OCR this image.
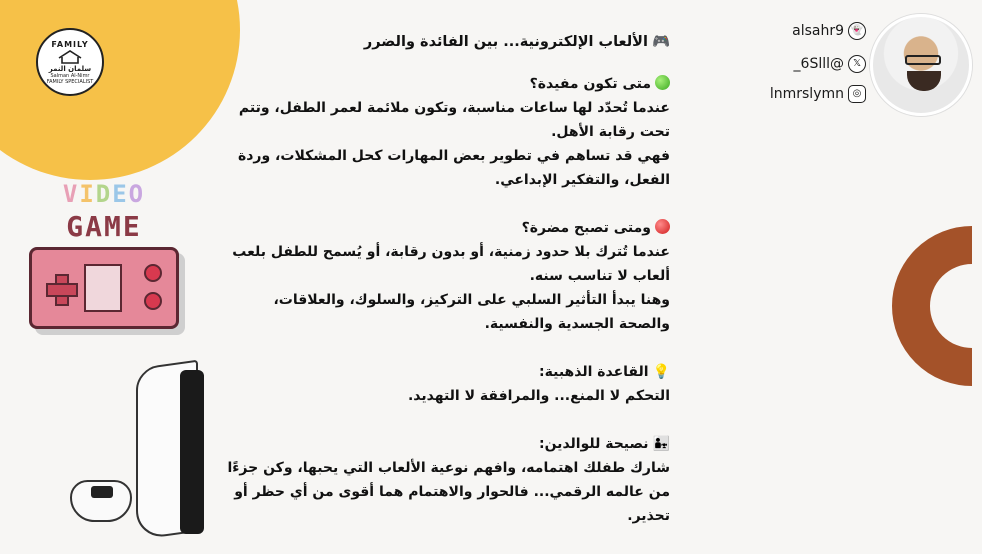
FAMILY
سلمان النمر
Salman Al-Nimr
FAMILY SPECIALIST
alsahr9 👻
_6Slll@ 𝕏
lnmrslymn ◎
VIDEO
GAME
🎮الألعاب الإلكترونية... بين الفائدة والضرر
متى تكون مفيدة؟
عندما تُحدّد لها ساعات مناسبة، وتكون ملائمة لعمر الطفل، وتتم تحت رقابة الأهل.
فهي قد تساهم في تطوير بعض المهارات كحل المشكلات، وردة الفعل، والتفكير الإبداعي.
ومتى تصبح مضرة؟
عندما تُترك بلا حدود زمنية، أو بدون رقابة، أو يُسمح للطفل بلعب ألعاب لا تناسب سنه.
وهنا يبدأ التأثير السلبي على التركيز، والسلوك، والعلاقات، والصحة الجسدية والنفسية.
💡القاعدة الذهبية:
التحكم لا المنع... والمرافقة لا التهديد.
👨‍👧نصيحة للوالدين:
شارك طفلك اهتمامه، وافهم نوعية الألعاب التي يحبها، وكن جزءًا من عالمه الرقمي... فالحوار والاهتمام هما أقوى من أي حظر أو تحذير.
